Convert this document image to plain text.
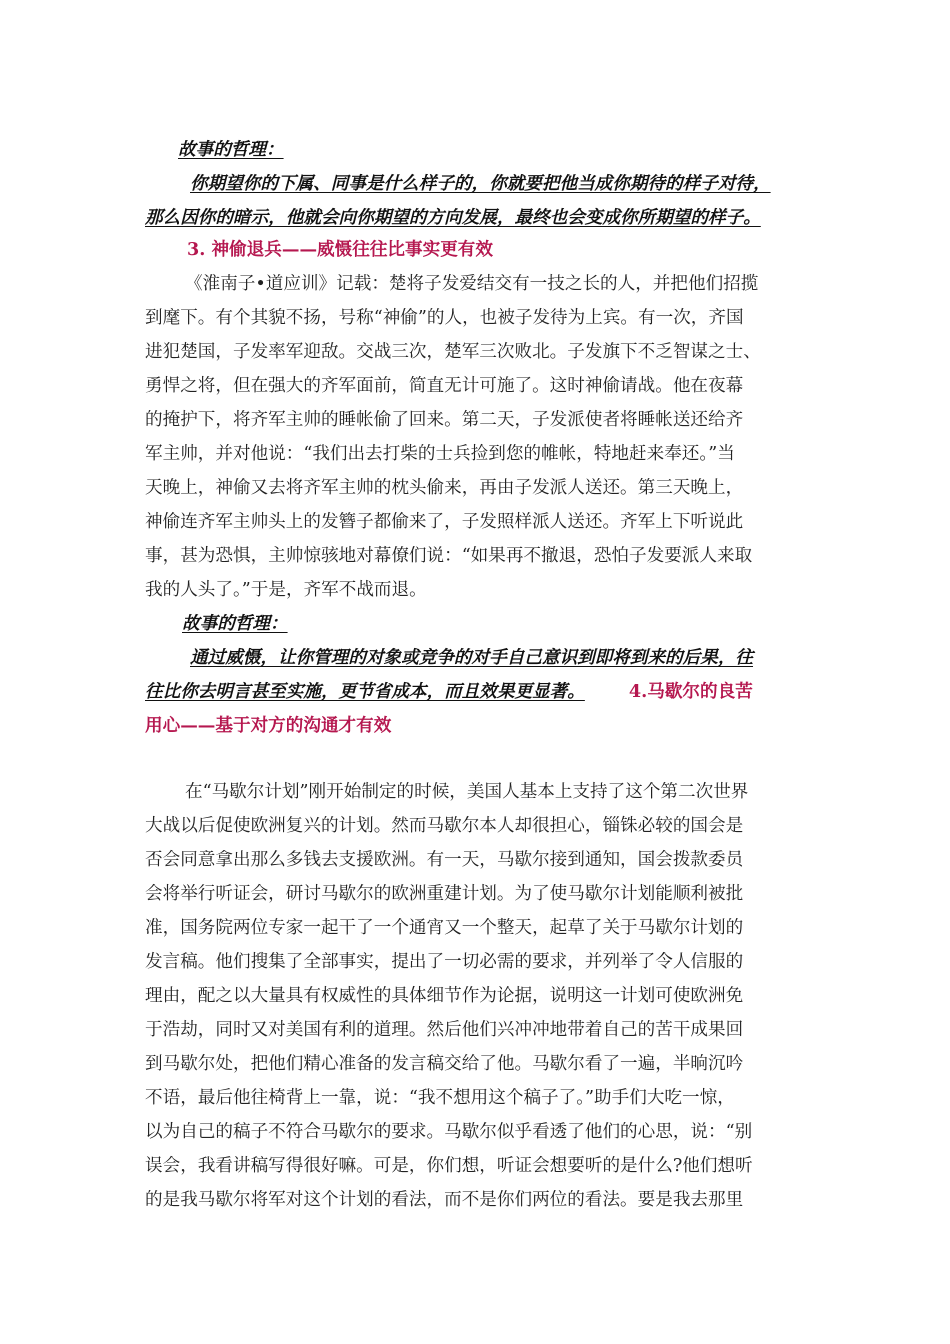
故事的哲理：
你期望你的下属、同事是什么样子的，你就要把他当成你期待的样子对待，
那么因你的暗示，他就会向你期望的方向发展，最终也会变成你所期望的样子。
3. 神偷退兵——威慑往往比事实更有效
《淮南子•道应训》记载：楚将子发爱结交有一技之长的人，并把他们招揽
到麾下。有个其貌不扬，号称“神偷”的人，也被子发待为上宾。有一次，齐国
进犯楚国，子发率军迎敌。交战三次，楚军三次败北。子发旗下不乏智谋之士、
勇悍之将，但在强大的齐军面前，简直无计可施了。这时神偷请战。他在夜幕
的掩护下，将齐军主帅的睡帐偷了回来。第二天，子发派使者将睡帐送还给齐
军主帅，并对他说：“我们出去打柴的士兵捡到您的帷帐，特地赶来奉还。”当
天晚上，神偷又去将齐军主帅的枕头偷来，再由子发派人送还。第三天晚上，
神偷连齐军主帅头上的发簪子都偷来了，子发照样派人送还。齐军上下听说此
事，甚为恐惧，主帅惊骇地对幕僚们说：“如果再不撤退，恐怕子发要派人来取
我的人头了。”于是，齐军不战而退。
故事的哲理：
通过威慑，让你管理的对象或竞争的对手自己意识到即将到来的后果，往
往比你去明言甚至实施，更节省成本，而且效果更显著。	4.马歇尔的良苦
用心——基于对方的沟通才有效
在“马歇尔计划”刚开始制定的时候，美国人基本上支持了这个第二次世界
大战以后促使欧洲复兴的计划。然而马歇尔本人却很担心，锱铢必较的国会是
否会同意拿出那么多钱去支援欧洲。有一天，马歇尔接到通知，国会拨款委员
会将举行听证会，研讨马歇尔的欧洲重建计划。为了使马歇尔计划能顺利被批
准，国务院两位专家一起干了一个通宵又一个整天，起草了关于马歇尔计划的
发言稿。他们搜集了全部事实，提出了一切必需的要求，并列举了令人信服的
理由，配之以大量具有权威性的具体细节作为论据，说明这一计划可使欧洲免
于浩劫，同时又对美国有利的道理。然后他们兴冲冲地带着自己的苦干成果回
到马歇尔处，把他们精心准备的发言稿交给了他。马歇尔看了一遍，半晌沉吟
不语，最后他往椅背上一靠，说：“我不想用这个稿子了。”助手们大吃一惊，
以为自己的稿子不符合马歇尔的要求。马歇尔似乎看透了他们的心思，说：“别
误会，我看讲稿写得很好嘛。可是，你们想，听证会想要听的是什么?他们想听
的是我马歇尔将军对这个计划的看法，而不是你们两位的看法。要是我去那里
